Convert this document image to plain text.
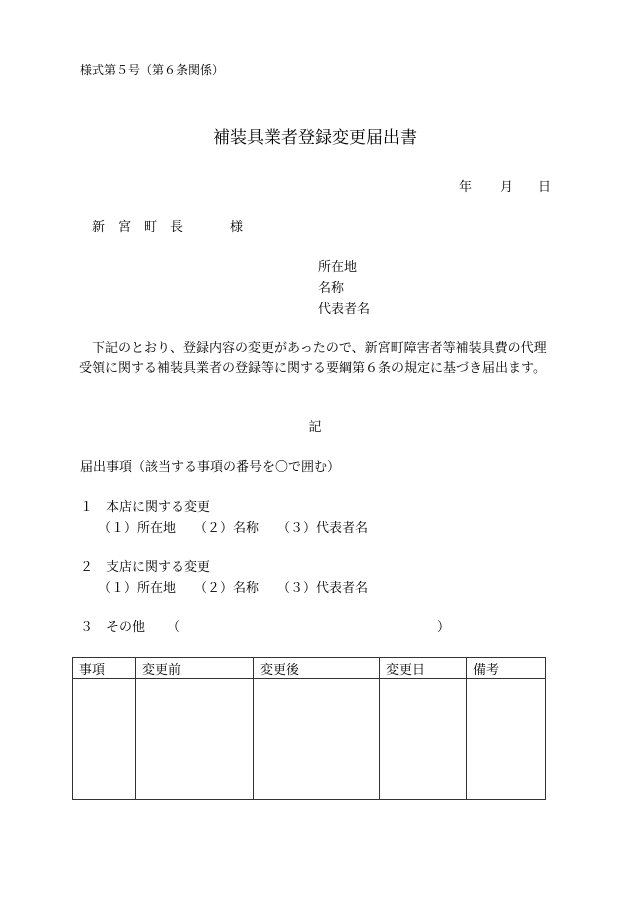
様式第５号（第６条関係）
補装具業者登録変更届出書
年 月 日
新 宮 町 長	様
所在地
名称
代表者名
下記のとおり、登録内容の変更があったので、新宮町障害者等補装具費の代理受領に関する補装具業者の登録等に関する要綱第６条の規定に基づき届出ます。
記
届出事項（該当する事項の番号を〇で囲む）
１　本店に関する変更
（１）所在地 （２）名称 （３）代表者名
２　支店に関する変更
（１）所在地 （２）名称 （３）代表者名
３　その他 （	）
事項	変更前	変更後	変更日	備考
